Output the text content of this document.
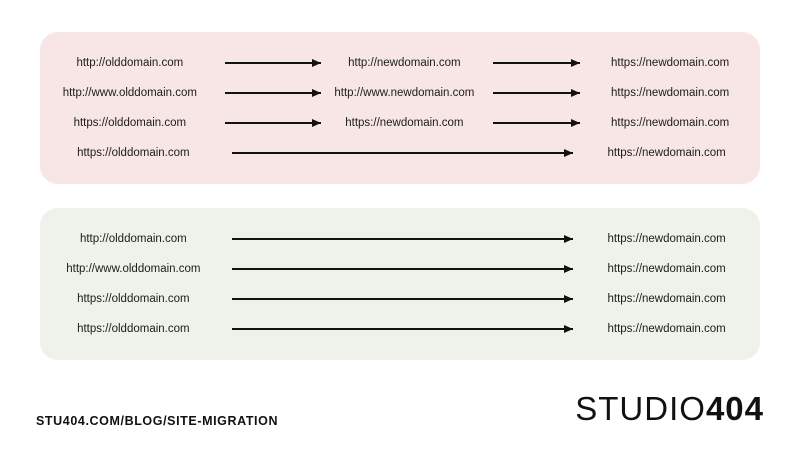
http://olddomain.com	http://newdomain.com	https://newdomain.com
http://www.olddomain.com	http://www.newdomain.com	https://newdomain.com
https://olddomain.com	https://newdomain.com	https://newdomain.com
https://olddomain.com	https://newdomain.com
http://olddomain.com	https://newdomain.com
http://www.olddomain.com	https://newdomain.com
https://olddomain.com	https://newdomain.com
https://olddomain.com	https://newdomain.com
STU404.COM/BLOG/SITE-MIGRATION	STUDIO404
